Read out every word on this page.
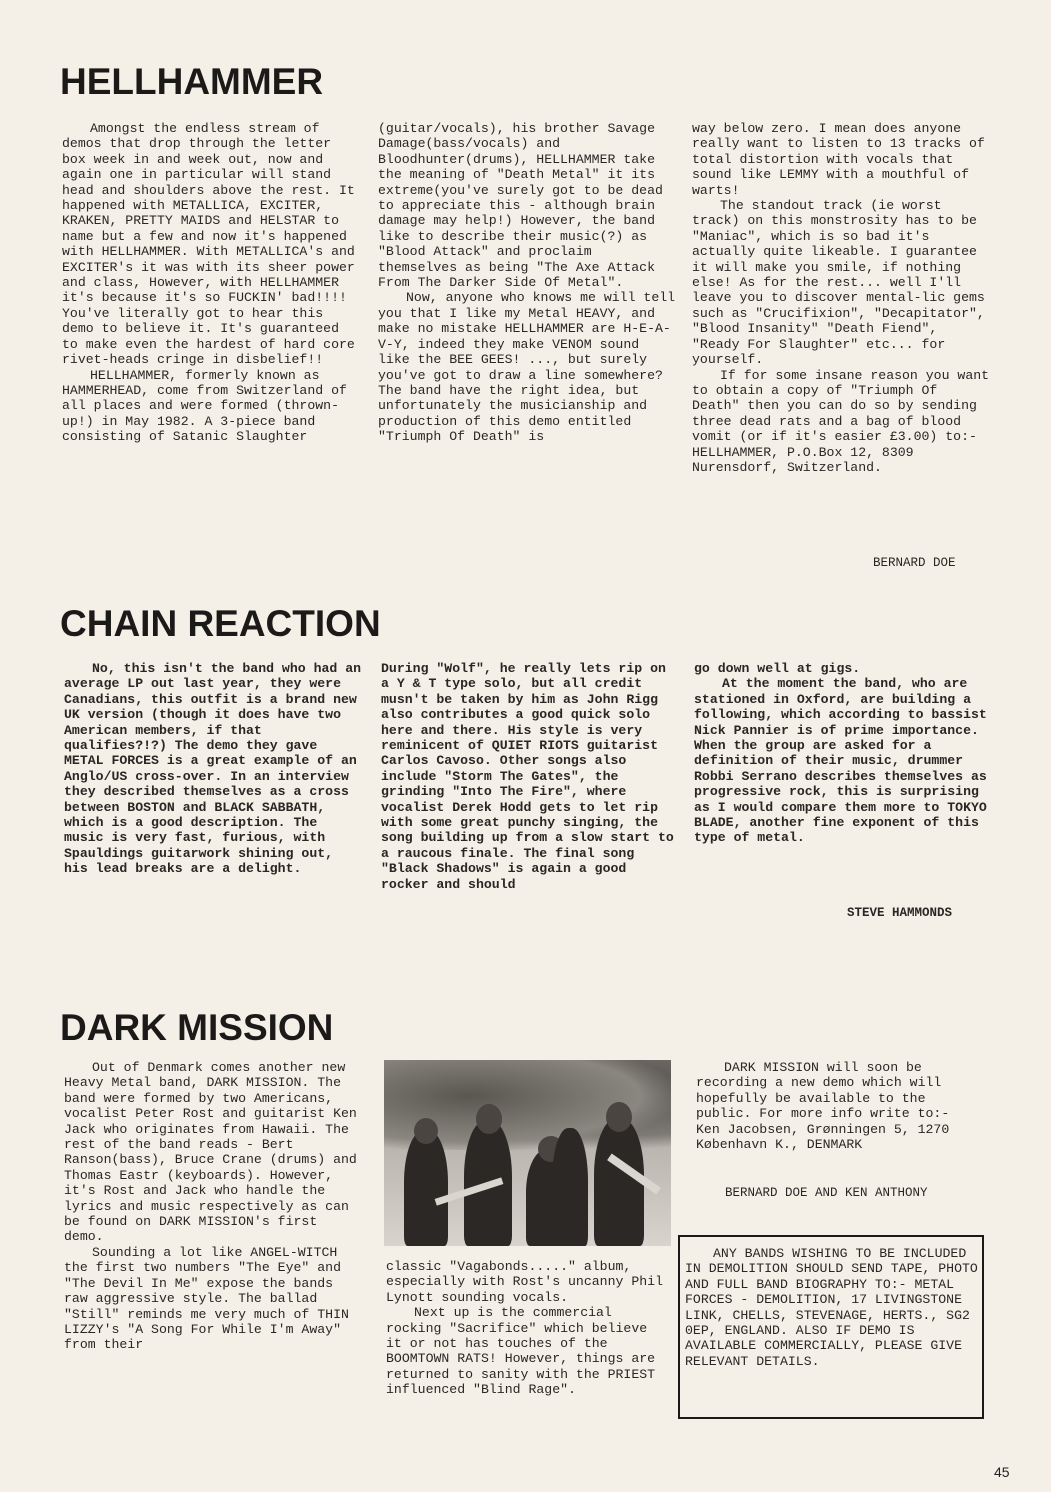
HELLHAMMER

Amongst the endless stream of demos that drop through the letter box week in and week out, now and again one in particular will stand head and shoulders above the rest. It happened with METALLICA, EXCITER, KRAKEN, PRETTY MAIDS and HELSTAR to name but a few and now it's happened with HELLHAMMER. With METALLICA's and EXCITER's it was with its sheer power and class, However, with HELLHAMMER it's because it's so FUCKIN' bad!!!! You've literally got to hear this demo to believe it. It's guaranteed to make even the hardest of hard core rivet-heads cringe in disbelief!!

HELLHAMMER, formerly known as HAMMERHEAD, come from Switzerland of all places and were formed (thrown-up!) in May 1982. A 3-piece band consisting of Satanic Slaughter

(guitar/vocals), his brother Savage Damage(bass/vocals) and Bloodhunter(drums), HELLHAMMER take the meaning of "Death Metal" it its extreme(you've surely got to be dead to appreciate this - although brain damage may help!) However, the band like to describe their music(?) as "Blood Attack" and proclaim themselves as being "The Axe Attack From The Darker Side Of Metal".

Now, anyone who knows me will tell you that I like my Metal HEAVY, and make no mistake HELLHAMMER are H-E-A-V-Y, indeed they make VENOM sound like the BEE GEES! ..., but surely you've got to draw a line somewhere? The band have the right idea, but unfortunately the musicianship and production of this demo entitled "Triumph Of Death" is

way below zero. I mean does anyone really want to listen to 13 tracks of total distortion with vocals that sound like LEMMY with a mouthful of warts!

The standout track (ie worst track) on this monstrosity has to be "Maniac", which is so bad it's actually quite likeable. I guarantee it will make you smile, if nothing else! As for the rest... well I'll leave you to discover mental-lic gems such as "Crucifixion", "Decapitator", "Blood Insanity" "Death Fiend", "Ready For Slaughter" etc... for yourself.

If for some insane reason you want to obtain a copy of "Triumph Of Death" then you can do so by sending three dead rats and a bag of blood vomit (or if it's easier £3.00) to:- HELLHAMMER, P.O.Box 12, 8309 Nurensdorf, Switzerland.

BERNARD DOE
CHAIN REACTION

No, this isn't the band who had an average LP out last year, they were Canadians, this outfit is a brand new UK version (though it does have two American members, if that qualifies?!?) The demo they gave METAL FORCES is a great example of an Anglo/US cross-over. In an interview they described themselves as a cross between BOSTON and BLACK SABBATH, which is a good description. The music is very fast, furious, with Spauldings guitarwork shining out, his lead breaks are a delight.

During "Wolf", he really lets rip on a Y & T type solo, but all credit musn't be taken by him as John Rigg also contributes a good quick solo here and there. His style is very reminicent of QUIET RIOTS guitarist Carlos Cavoso. Other songs also include "Storm The Gates", the grinding "Into The Fire", where vocalist Derek Hodd gets to let rip with some great punchy singing, the song building up from a slow start to a raucous finale. The final song "Black Shadows" is again a good rocker and should

go down well at gigs.

At the moment the band, who are stationed in Oxford, are building a following, which according to bassist Nick Pannier is of prime importance. When the group are asked for a definition of their music, drummer Robbi Serrano describes themselves as progressive rock, this is surprising as I would compare them more to TOKYO BLADE, another fine exponent of this type of metal.

STEVE HAMMONDS
DARK MISSION

Out of Denmark comes another new Heavy Metal band, DARK MISSION. The band were formed by two Americans, vocalist Peter Rost and guitarist Ken Jack who originates from Hawaii. The rest of the band reads - Bert Ranson(bass), Bruce Crane (drums) and Thomas Eastr (keyboards). However, it's Rost and Jack who handle the lyrics and music respectively as can be found on DARK MISSION's first demo.

Sounding a lot like ANGEL-WITCH the first two numbers "The Eye" and "The Devil In Me" expose the bands raw aggressive style. The ballad "Still" reminds me very much of THIN LIZZY's "A Song For While I'm Away" from their

classic "Vagabonds....." album, especially with Rost's uncanny Phil Lynott sounding vocals.

Next up is the commercial rocking "Sacrifice" which believe it or not has touches of the BOOMTOWN RATS! However, things are returned to sanity with the PRIEST influenced "Blind Rage".

DARK MISSION will soon be recording a new demo which will hopefully be available to the public. For more info write to:- Ken Jacobsen, Grønningen 5, 1270 København K., DENMARK

BERNARD DOE AND KEN ANTHONY

ANY BANDS WISHING TO BE INCLUDED IN DEMOLITION SHOULD SEND TAPE, PHOTO AND FULL BAND BIOGRAPHY TO:- METAL FORCES - DEMOLITION, 17 LIVINGSTONE LINK, CHELLS, STEVENAGE, HERTS., SG2 0EP, ENGLAND. ALSO IF DEMO IS AVAILABLE COMMERCIALLY, PLEASE GIVE RELEVANT DETAILS.

45
